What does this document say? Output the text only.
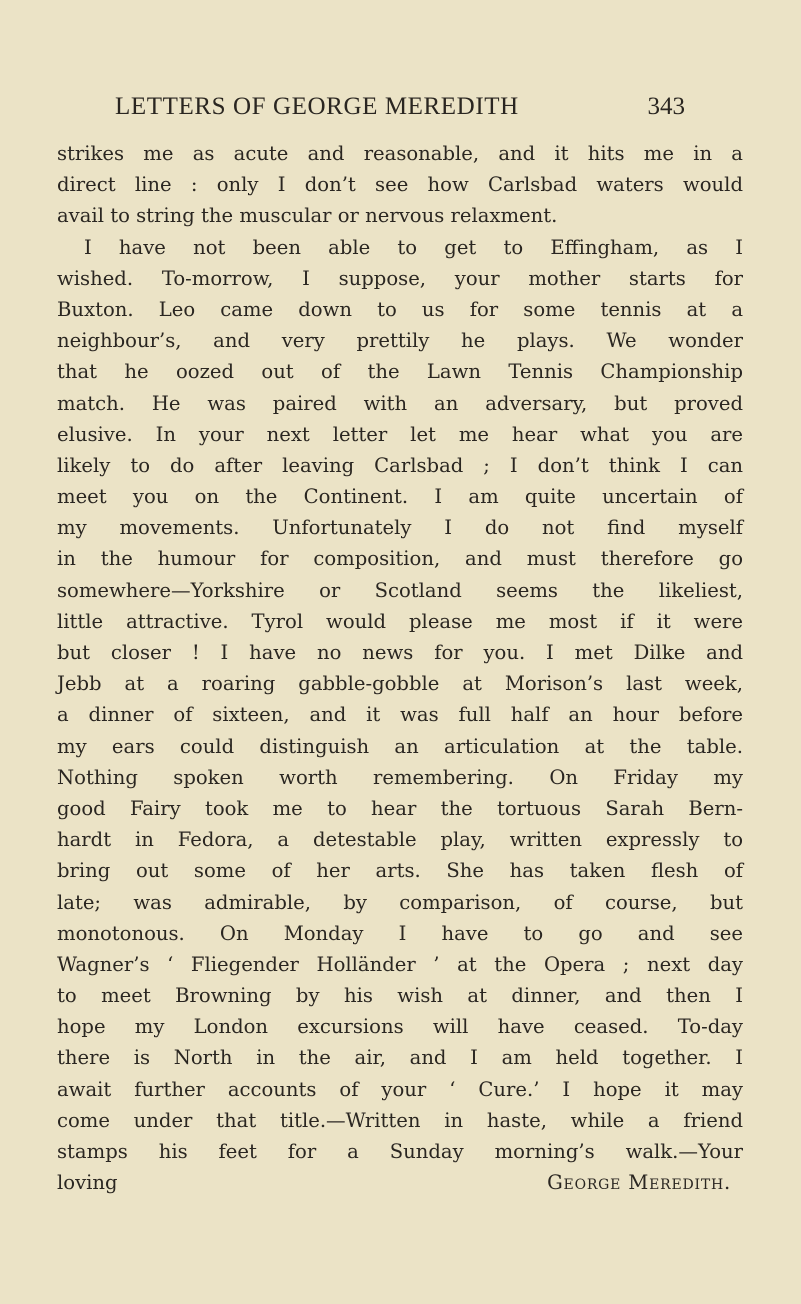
LETTERS OF GEORGE MEREDITH	343
strikes me as acute and reasonable, and it hits me in a
direct line : only I don’t see how Carlsbad waters would
avail to string the muscular or nervous relaxment.
I have not been able to get to Effingham, as I
wished. To-morrow, I suppose, your mother starts for
Buxton. Leo came down to us for some tennis at a
neighbour’s, and very prettily he plays. We wonder
that he oozed out of the Lawn Tennis Championship
match. He was paired with an adversary, but proved
elusive. In your next letter let me hear what you are
likely to do after leaving Carlsbad ; I don’t think I can
meet you on the Continent. I am quite uncertain of
my movements. Unfortunately I do not find myself
in the humour for composition, and must therefore go
somewhere—Yorkshire or Scotland seems the likeliest,
little attractive. Tyrol would please me most if it were
but closer ! I have no news for you. I met Dilke and
Jebb at a roaring gabble-gobble at Morison’s last week,
a dinner of sixteen, and it was full half an hour before
my ears could distinguish an articulation at the table.
Nothing spoken worth remembering. On Friday my
good Fairy took me to hear the tortuous Sarah Bern-
hardt in Fedora, a detestable play, written expressly to
bring out some of her arts. She has taken flesh of
late; was admirable, by comparison, of course, but
monotonous. On Monday I have to go and see
Wagner’s ‘ Fliegender Holländer ’ at the Opera ; next day
to meet Browning by his wish at dinner, and then I
hope my London excursions will have ceased. To-day
there is North in the air, and I am held together. I
await further accounts of your ‘ Cure.’ I hope it may
come under that title.—Written in haste, while a friend
stamps his feet for a Sunday morning’s walk.—Your
loving	George Meredith.
